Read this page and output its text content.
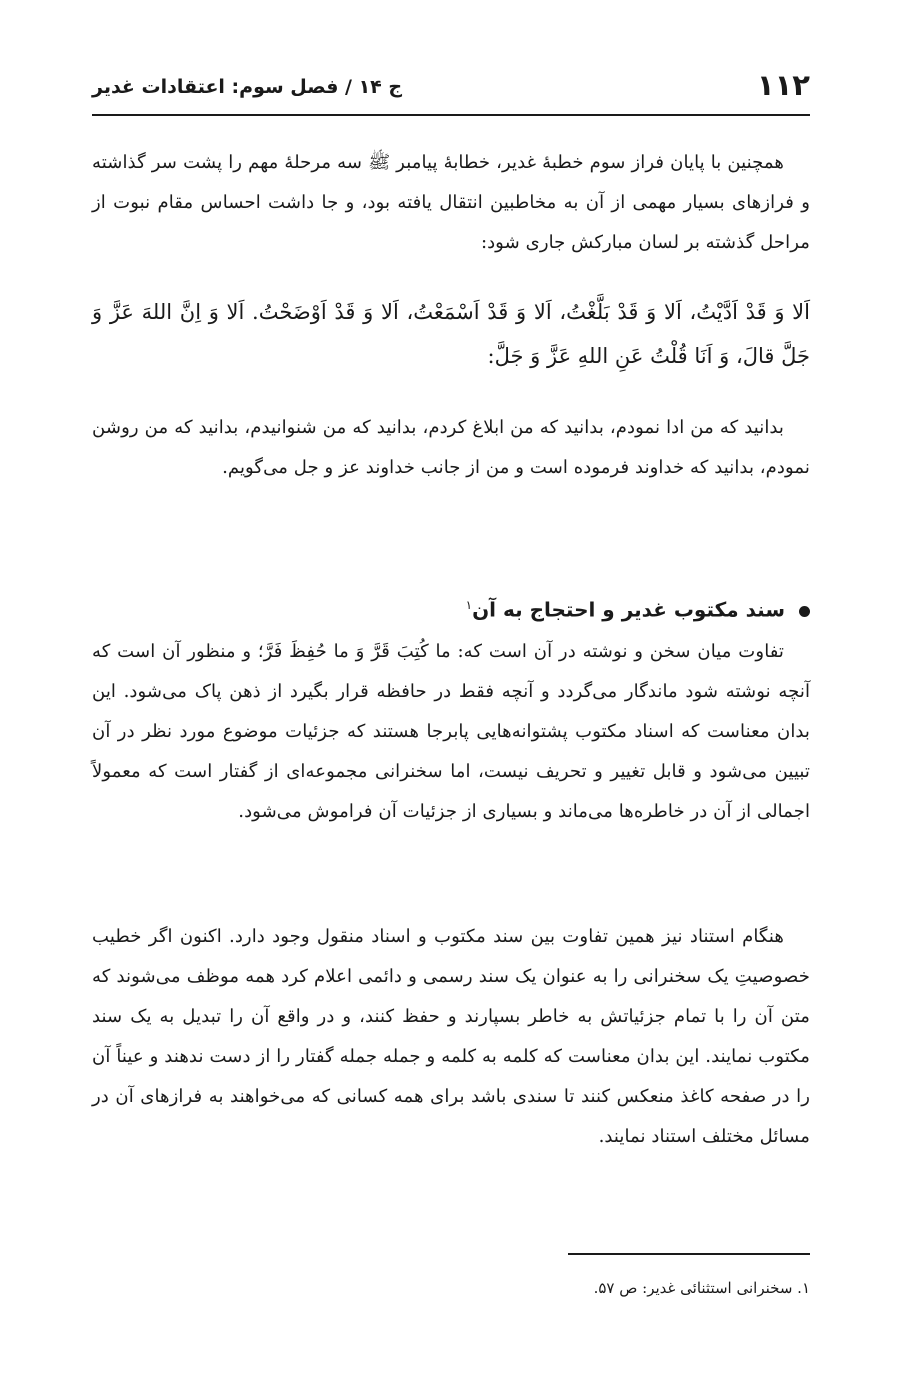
۱۱۲
ج ۱۴ / فصل سوم: اعتقادات غدیر

همچنین با پایان فراز سوم خطبهٔ غدیر، خطابهٔ پیامبر ﷺ سه مرحلهٔ مهم را پشت سر گذاشته و فرازهای بسیار مهمی از آن به مخاطبین انتقال یافته بود، و جا داشت احساس مقام نبوت از مراحل گذشته بر لسان مبارکش جاری شود:

اَلا وَ قَدْ اَدَّیْتُ، اَلا وَ قَدْ بَلَّغْتُ، اَلا وَ قَدْ اَسْمَعْتُ، اَلا وَ قَدْ اَوْضَحْتُ. اَلا وَ اِنَّ اللهَ عَزَّ وَ جَلَّ قالَ، وَ اَنَا قُلْتُ عَنِ اللهِ عَزَّ وَ جَلَّ:

بدانید که من ادا نمودم، بدانید که من ابلاغ کردم، بدانید که من شنوانیدم، بدانید که من روشن نمودم، بدانید که خداوند فرموده است و من از جانب خداوند عز و جل می‌گویم.

سند مکتوب غدیر و احتجاج به آن$^۱$

تفاوت میان سخن و نوشته در آن است که: ما کُتِبَ قَرَّ وَ ما حُفِظَ فَرَّ؛ و منظور آن است که آنچه نوشته شود ماندگار می‌گردد و آنچه فقط در حافظه قرار بگیرد از ذهن پاک می‌شود. این بدان معناست که اسناد مکتوب پشتوانه‌هایی پابرجا هستند که جزئیات موضوع مورد نظر در آن تبیین می‌شود و قابل تغییر و تحریف نیست، اما سخنرانی مجموعه‌ای از گفتار است که معمولاً اجمالی از آن در خاطره‌ها می‌ماند و بسیاری از جزئیات آن فراموش می‌شود.

هنگام استناد نیز همین تفاوت بین سند مکتوب و اسناد منقول وجود دارد. اکنون اگر خطیب خصوصیتِ یک سخنرانی را به عنوان یک سند رسمی و دائمی اعلام کرد همه موظف می‌شوند که متن آن را با تمام جزئیاتش به خاطر بسپارند و حفظ کنند، و در واقع آن را تبدیل به یک سند مکتوب نمایند. این بدان معناست که کلمه به کلمه و جمله جمله گفتار را از دست ندهند و عیناً آن را در صفحه کاغذ منعکس کنند تا سندی باشد برای همه کسانی که می‌خواهند به فرازهای آن در مسائل مختلف استناد نمایند.

۱. سخنرانی استثنائی غدیر: ص ۵۷.
